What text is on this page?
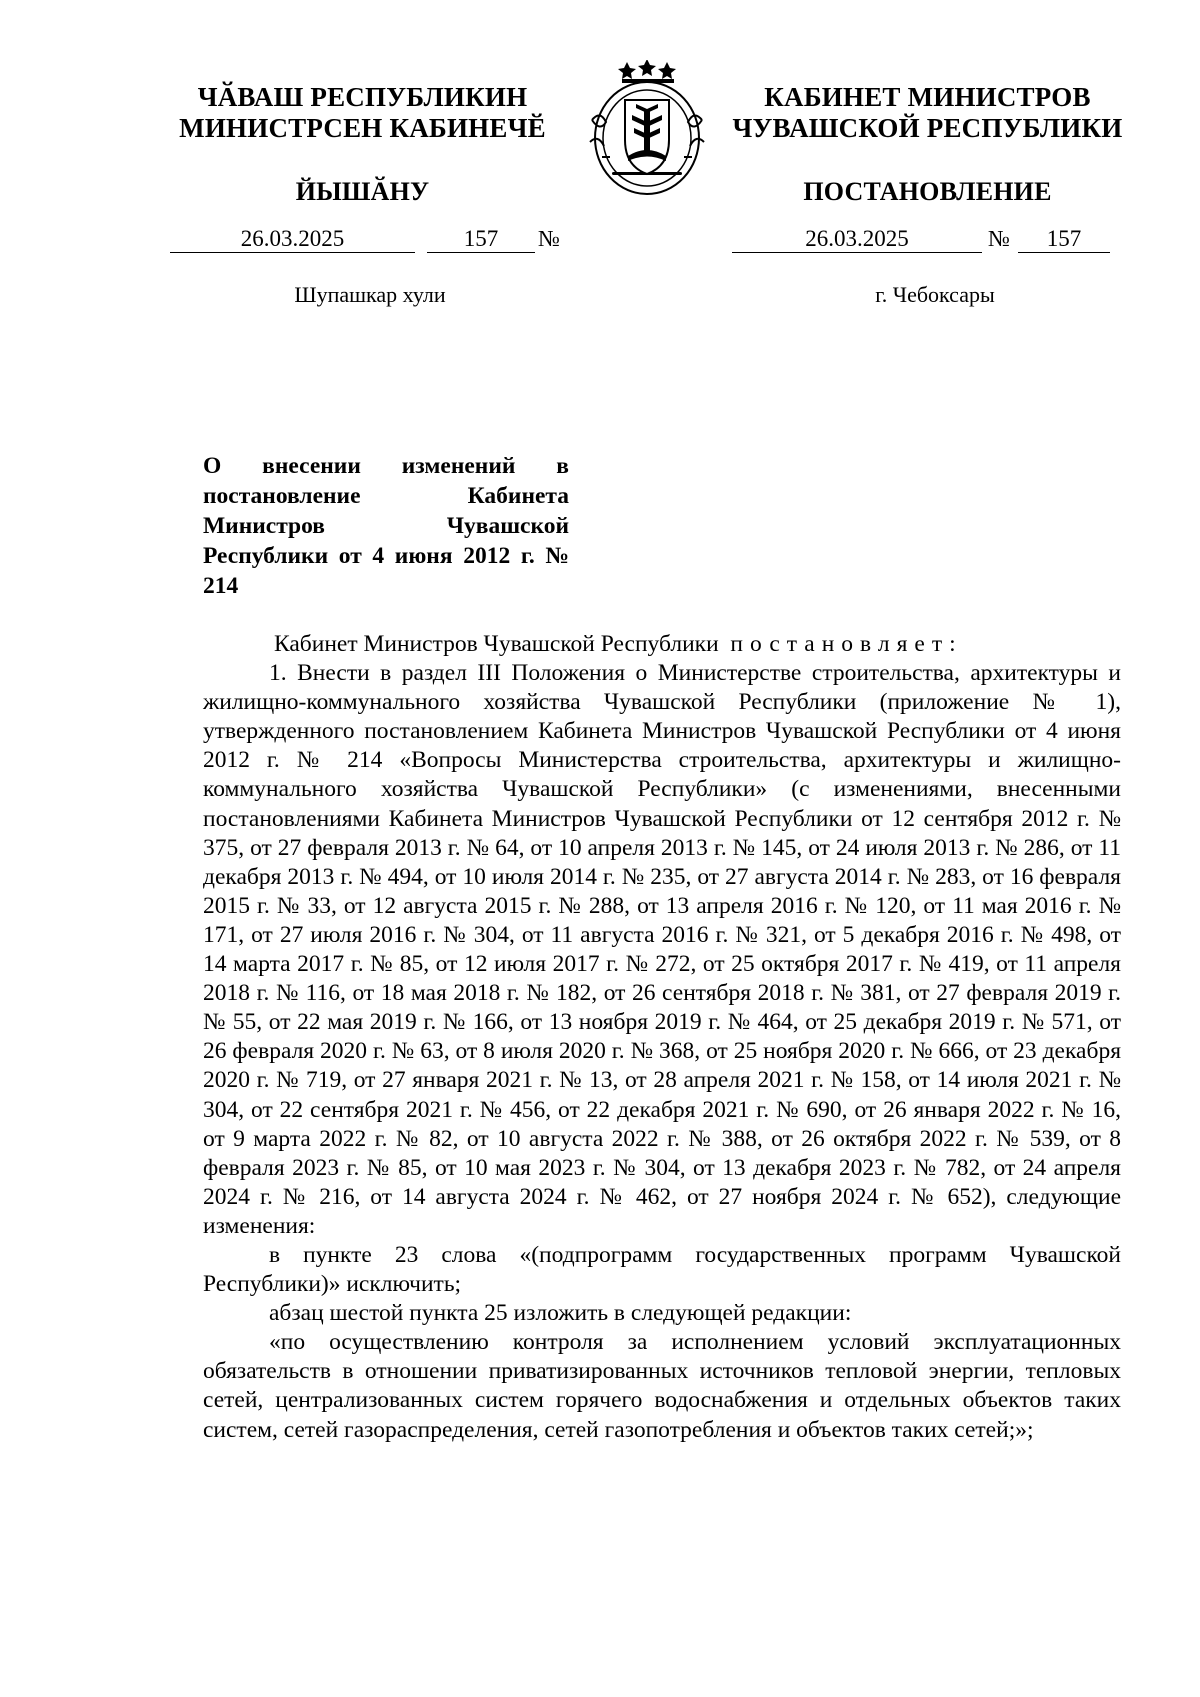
ЧӐВАШ РЕСПУБЛИКИН
МИНИСТРСЕН КАБИНЕЧӖ
ЙЫШӐНУ
КАБИНЕТ МИНИСТРОВ
ЧУВАШСКОЙ РЕСПУБЛИКИ
ПОСТАНОВЛЕНИЕ
26.03.2025	157	№	26.03.2025	№	157
Шупашкар хули	г. Чебоксары
О внесении изменений в постановление Кабинета Министров Чувашской Республики от 4 июня 2012 г. № 214

Кабинет Министров Чувашской Республики постановляет:

1. Внести в раздел III Положения о Министерстве строительства, архитектуры и жилищно-коммунального хозяйства Чувашской Республики (приложение № 1), утвержденного постановлением Кабинета Министров Чувашской Республики от 4 июня 2012 г. № 214 «Вопросы Министерства строительства, архитектуры и жилищно-коммунального хозяйства Чувашской Республики» (с изменениями, внесенными постановлениями Кабинета Министров Чувашской Республики от 12 сентября 2012 г. № 375, от 27 февраля 2013 г. № 64, от 10 апреля 2013 г. № 145, от 24 июля 2013 г. № 286, от 11 декабря 2013 г. № 494, от 10 июля 2014 г. № 235, от 27 августа 2014 г. № 283, от 16 февраля 2015 г. № 33, от 12 августа 2015 г. № 288, от 13 апреля 2016 г. № 120, от 11 мая 2016 г. № 171, от 27 июля 2016 г. № 304, от 11 августа 2016 г. № 321, от 5 декабря 2016 г. № 498, от 14 марта 2017 г. № 85, от 12 июля 2017 г. № 272, от 25 октября 2017 г. № 419, от 11 апреля 2018 г. № 116, от 18 мая 2018 г. № 182, от 26 сентября 2018 г. № 381, от 27 февраля 2019 г. № 55, от 22 мая 2019 г. № 166, от 13 ноября 2019 г. № 464, от 25 декабря 2019 г. № 571, от 26 февраля 2020 г. № 63, от 8 июля 2020 г. № 368, от 25 ноября 2020 г. № 666, от 23 декабря 2020 г. № 719, от 27 января 2021 г. № 13, от 28 апреля 2021 г. № 158, от 14 июля 2021 г. № 304, от 22 сентября 2021 г. № 456, от 22 декабря 2021 г. № 690, от 26 января 2022 г. № 16, от 9 марта 2022 г. № 82, от 10 августа 2022 г. № 388, от 26 октября 2022 г. № 539, от 8 февраля 2023 г. № 85, от 10 мая 2023 г. № 304, от 13 декабря 2023 г. № 782, от 24 апреля 2024 г. № 216, от 14 августа 2024 г. № 462, от 27 ноября 2024 г. № 652), следующие изменения:

в пункте 23 слова «(подпрограмм государственных программ Чувашской Республики)» исключить;

абзац шестой пункта 25 изложить в следующей редакции:

«по осуществлению контроля за исполнением условий эксплуатационных обязательств в отношении приватизированных источников тепловой энергии, тепловых сетей, централизованных систем горячего водоснабжения и отдельных объектов таких систем, сетей газораспределения, сетей газопотребления и объектов таких сетей;»;
